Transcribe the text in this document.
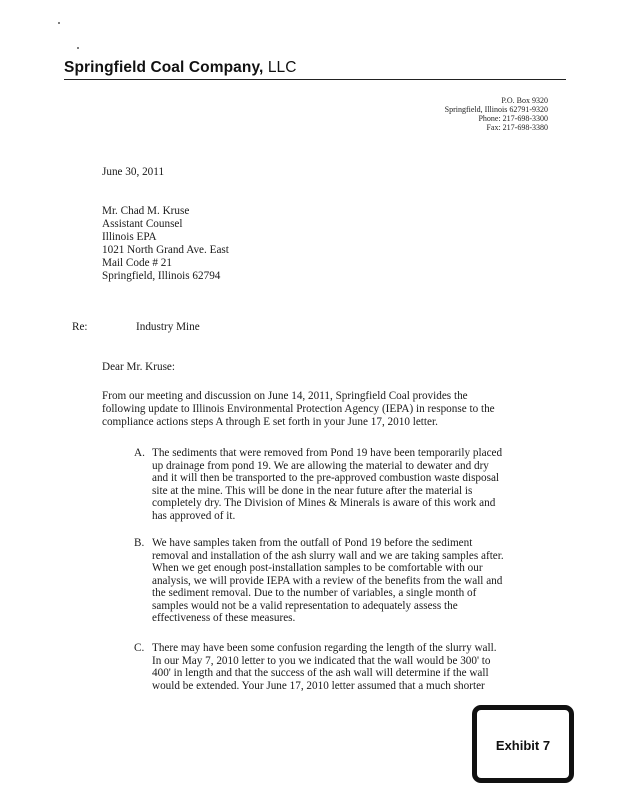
Springfield Coal Company, LLC
P.O. Box 9320
Springfield, Illinois 62791-9320
Phone: 217-698-3300
Fax: 217-698-3380
June 30, 2011
Mr. Chad M. Kruse
Assistant Counsel
Illinois EPA
1021 North Grand Ave. East
Mail Code # 21
Springfield, Illinois 62794
Re:	Industry Mine
Dear Mr. Kruse:
From our meeting and discussion on June 14, 2011, Springfield Coal provides the
following update to Illinois Environmental Protection Agency (IEPA) in response to the
compliance actions steps A through E set forth in your June 17, 2010 letter.
A. The sediments that were removed from Pond 19 have been temporarily placed
up drainage from pond 19. We are allowing the material to dewater and dry
and it will then be transported to the pre-approved combustion waste disposal
site at the mine. This will be done in the near future after the material is
completely dry. The Division of Mines & Minerals is aware of this work and
has approved of it.
B. We have samples taken from the outfall of Pond 19 before the sediment
removal and installation of the ash slurry wall and we are taking samples after.
When we get enough post-installation samples to be comfortable with our
analysis, we will provide IEPA with a review of the benefits from the wall and
the sediment removal. Due to the number of variables, a single month of
samples would not be a valid representation to adequately assess the
effectiveness of these measures.
C. There may have been some confusion regarding the length of the slurry wall.
In our May 7, 2010 letter to you we indicated that the wall would be 300' to
400' in length and that the success of the ash wall will determine if the wall
would be extended. Your June 17, 2010 letter assumed that a much shorter
Exhibit 7
